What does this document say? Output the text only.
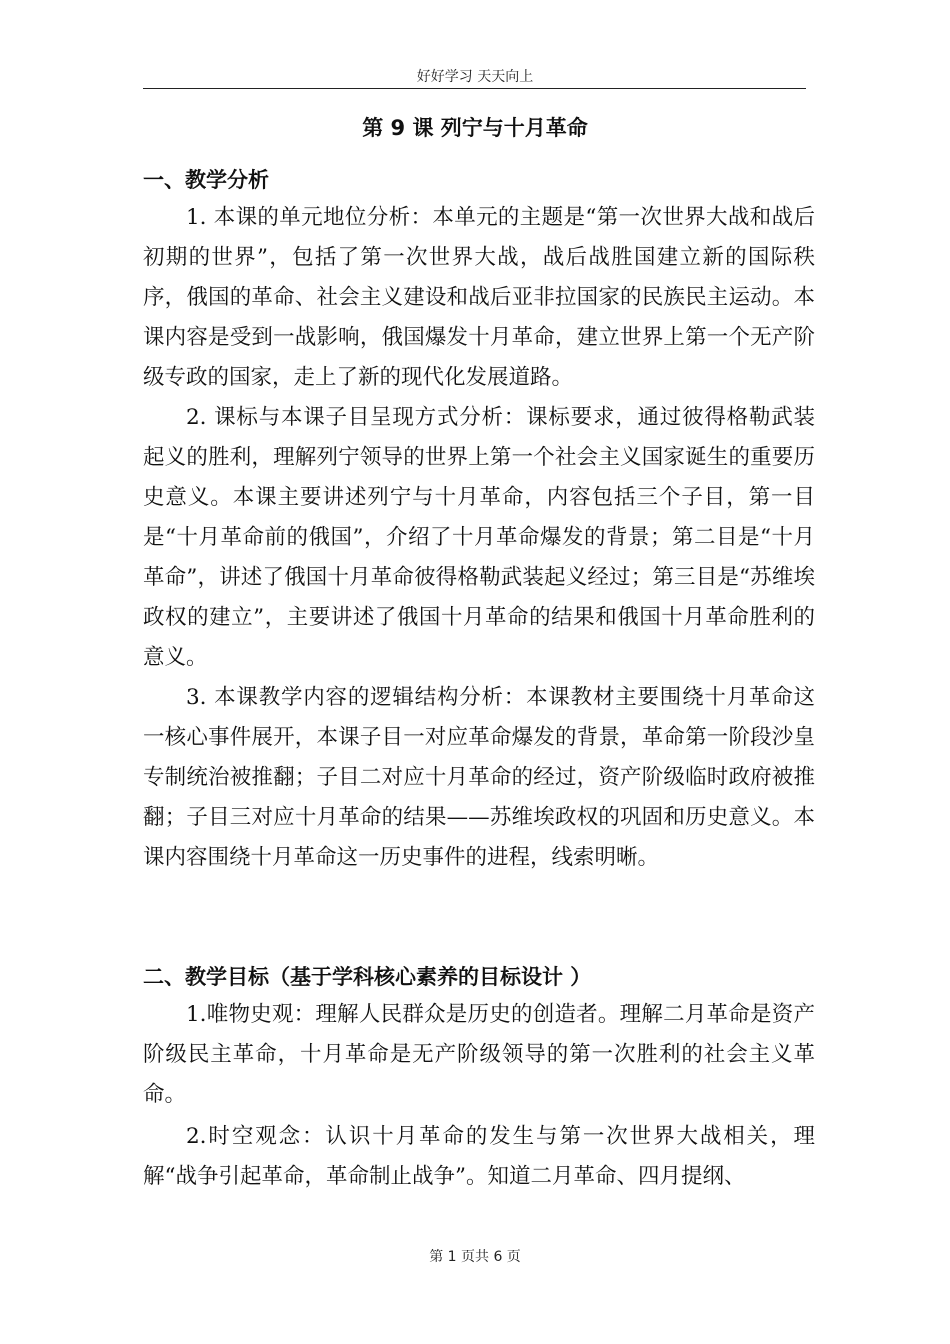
好好学习 天天向上
第 9 课 列宁与十月革命
一、教学分析
1. 本课的单元地位分析：本单元的主题是“第一次世界大战和战后初期的世界”，包括了第一次世界大战，战后战胜国建立新的国际秩序，俄国的革命、社会主义建设和战后亚非拉国家的民族民主运动。本课内容是受到一战影响，俄国爆发十月革命，建立世界上第一个无产阶级专政的国家，走上了新的现代化发展道路。
2. 课标与本课子目呈现方式分析：课标要求，通过彼得格勒武装起义的胜利，理解列宁领导的世界上第一个社会主义国家诞生的重要历史意义。本课主要讲述列宁与十月革命，内容包括三个子目，第一目是“十月革命前的俄国”，介绍了十月革命爆发的背景；第二目是“十月革命”，讲述了俄国十月革命彼得格勒武装起义经过；第三目是“苏维埃政权的建立”，主要讲述了俄国十月革命的结果和俄国十月革命胜利的意义。
3. 本课教学内容的逻辑结构分析：本课教材主要围绕十月革命这一核心事件展开，本课子目一对应革命爆发的背景，革命第一阶段沙皇专制统治被推翻；子目二对应十月革命的经过，资产阶级临时政府被推翻；子目三对应十月革命的结果——苏维埃政权的巩固和历史意义。本课内容围绕十月革命这一历史事件的进程，线索明晰。
二、教学目标（基于学科核心素养的目标设计 ）
1.唯物史观：理解人民群众是历史的创造者。理解二月革命是资产阶级民主革命，十月革命是无产阶级领导的第一次胜利的社会主义革命。
2.时空观念：认识十月革命的发生与第一次世界大战相关，理解“战争引起革命，革命制止战争”。知道二月革命、四月提纲、
第 1 页共 6 页
